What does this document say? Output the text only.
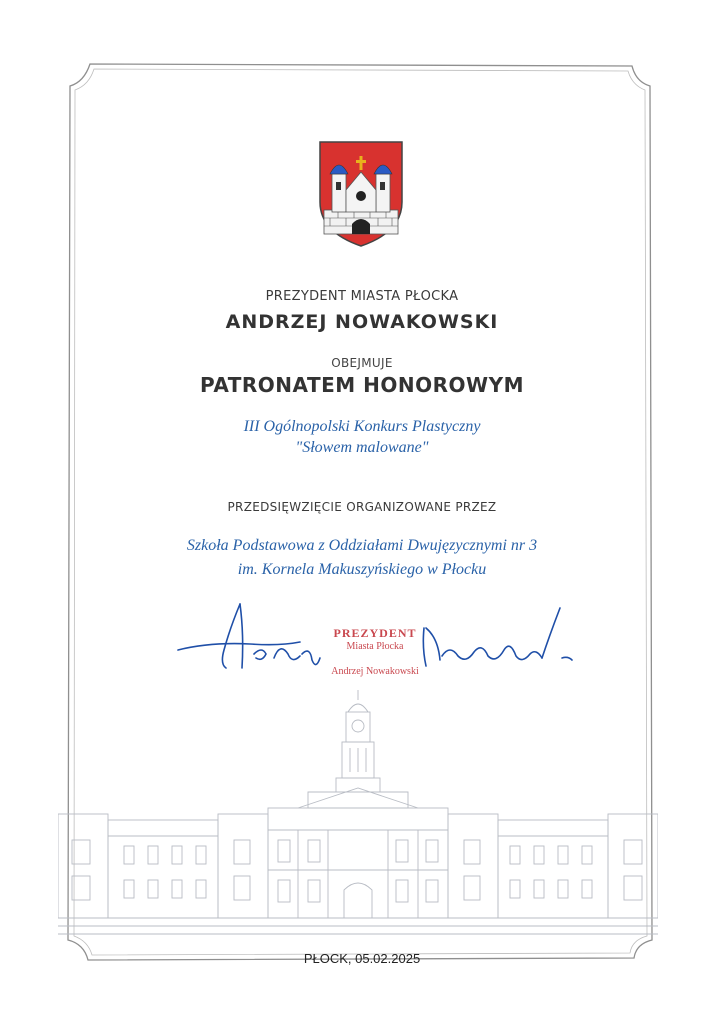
PREZYDENT MIASTA PŁOCKA
ANDRZEJ NOWAKOWSKI
OBEJMUJE
PATRONATEM HONOROWYM
III Ogólnopolski Konkurs Plastyczny
"Słowem malowane"
PRZEDSIĘWZIĘCIE ORGANIZOWANE PRZEZ
Szkoła Podstawowa z Oddziałami Dwujęzycznymi nr 3
im. Kornela Makuszyńskiego w Płocku
PREZYDENT
Miasta Płocka
Andrzej Nowakowski
PŁOCK, 05.02.2025
